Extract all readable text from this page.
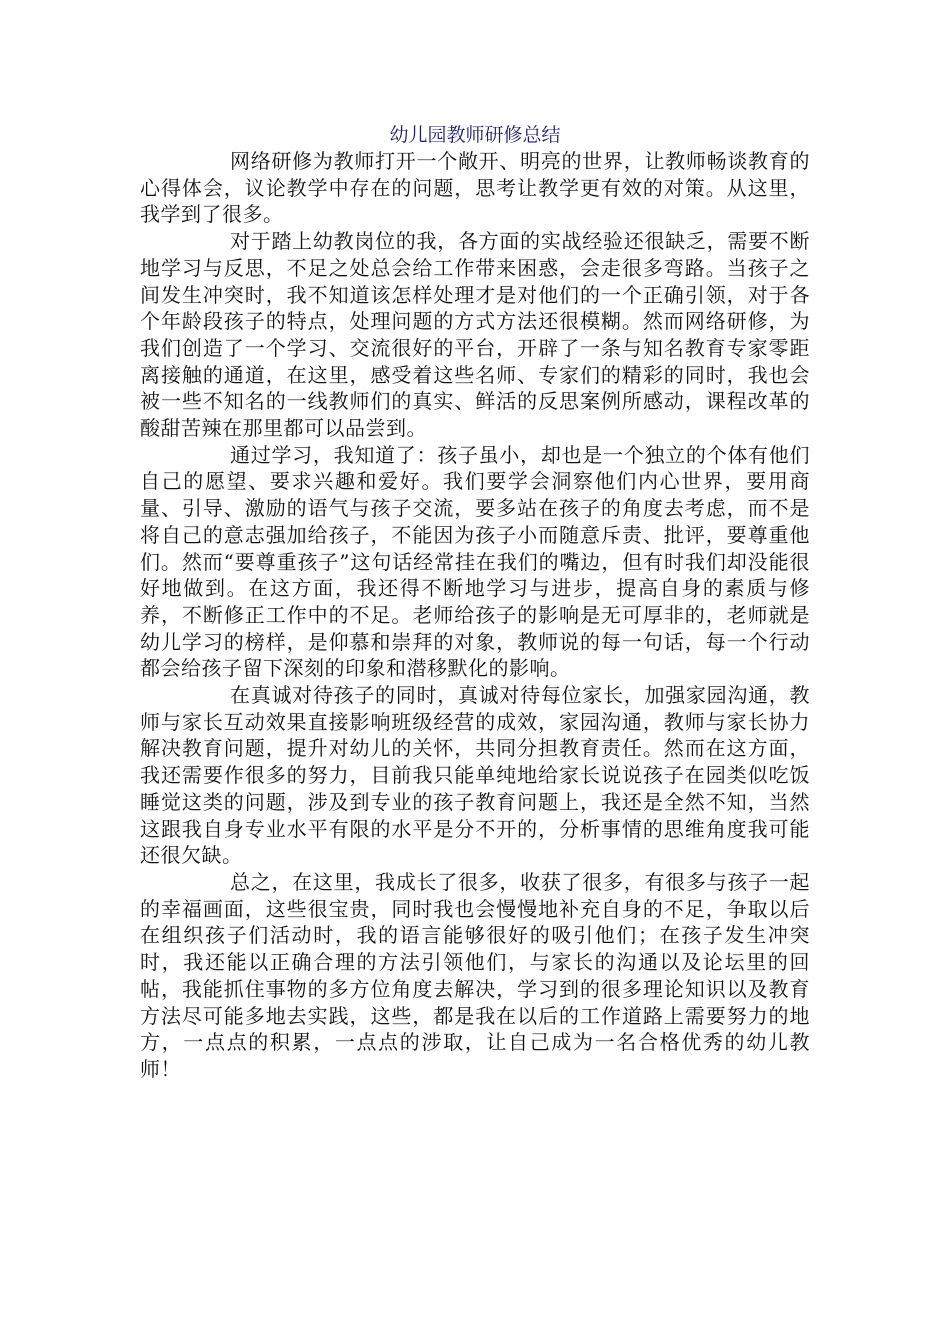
幼儿园教师研修总结

网络研修为教师打开一个敞开、明亮的世界，让教师畅谈教育的心得体会，议论教学中存在的问题，思考让教学更有效的对策。从这里，我学到了很多。

对于踏上幼教岗位的我，各方面的实战经验还很缺乏，需要不断地学习与反思，不足之处总会给工作带来困惑，会走很多弯路。当孩子之间发生冲突时，我不知道该怎样处理才是对他们的一个正确引领，对于各个年龄段孩子的特点，处理问题的方式方法还很模糊。然而网络研修，为我们创造了一个学习、交流很好的平台，开辟了一条与知名教育专家零距离接触的通道，在这里，感受着这些名师、专家们的精彩的同时，我也会被一些不知名的一线教师们的真实、鲜活的反思案例所感动，课程改革的酸甜苦辣在那里都可以品尝到。

通过学习，我知道了：孩子虽小，却也是一个独立的个体有他们自己的愿望、要求兴趣和爱好。我们要学会洞察他们内心世界，要用商量、引导、激励的语气与孩子交流，要多站在孩子的角度去考虑，而不是将自己的意志强加给孩子，不能因为孩子小而随意斥责、批评，要尊重他们。然而“要尊重孩子”这句话经常挂在我们的嘴边，但有时我们却没能很好地做到。在这方面，我还得不断地学习与进步，提高自身的素质与修养，不断修正工作中的不足。老师给孩子的影响是无可厚非的，老师就是幼儿学习的榜样，是仰慕和崇拜的对象，教师说的每一句话，每一个行动都会给孩子留下深刻的印象和潜移默化的影响。

在真诚对待孩子的同时，真诚对待每位家长，加强家园沟通，教师与家长互动效果直接影响班级经营的成效，家园沟通，教师与家长协力解决教育问题，提升对幼儿的关怀，共同分担教育责任。然而在这方面，我还需要作很多的努力，目前我只能单纯地给家长说说孩子在园类似吃饭睡觉这类的问题，涉及到专业的孩子教育问题上，我还是全然不知，当然这跟我自身专业水平有限的水平是分不开的，分析事情的思维角度我可能还很欠缺。

总之，在这里，我成长了很多，收获了很多，有很多与孩子一起的幸福画面，这些很宝贵，同时我也会慢慢地补充自身的不足，争取以后在组织孩子们活动时，我的语言能够很好的吸引他们；在孩子发生冲突时，我还能以正确合理的方法引领他们，与家长的沟通以及论坛里的回帖，我能抓住事物的多方位角度去解决，学习到的很多理论知识以及教育方法尽可能多地去实践，这些，都是我在以后的工作道路上需要努力的地方，一点点的积累，一点点的涉取，让自己成为一名合格优秀的幼儿教师！
